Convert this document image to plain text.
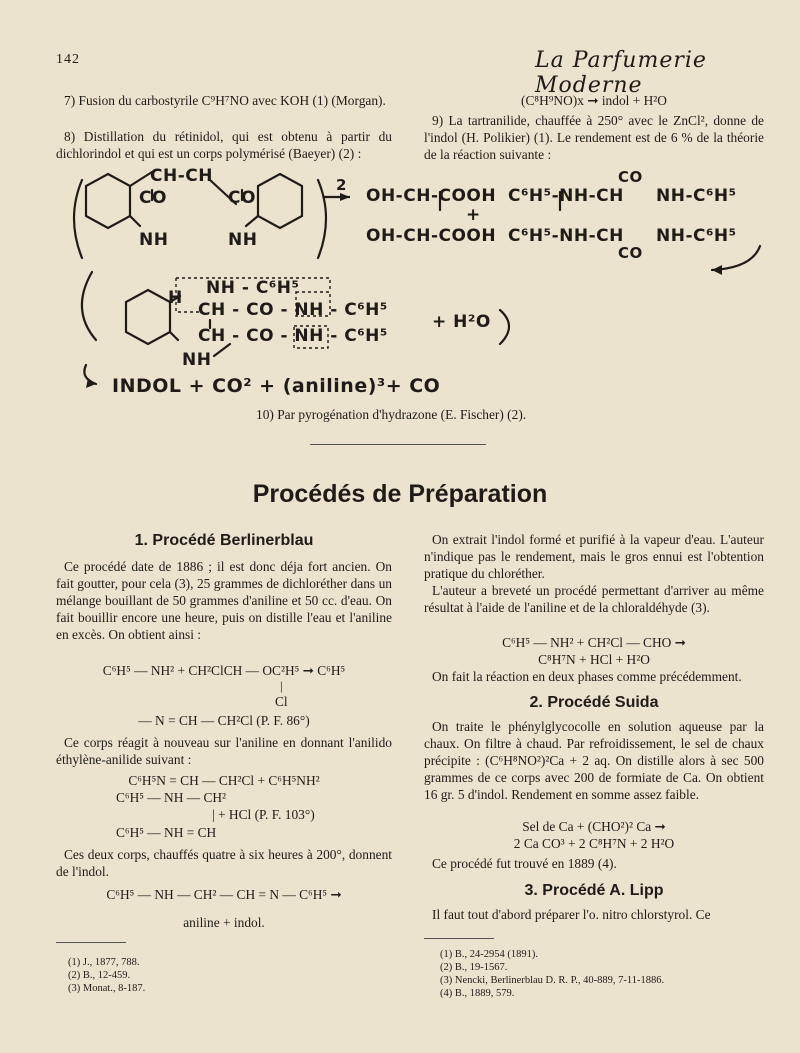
142	La Parfumerie Moderne
7) Fusion du carbostyrile C⁹H⁷NO avec KOH (1) (Morgan).
8) Distillation du rétinidol, qui est obtenu à partir du dichlorindol et qui est un corps polymérisé (Baeyer) (2) :
(C⁸H⁹NO)x ➞ indol + H²O
9) La tartranilide, chauffée à 250° avec le ZnCl², donne de l'indol (H. Polikier) (1). Le rendement est de 6 % de la théorie de la réaction suivante :
CH-CH
CO	CO
NH	NH
2
OH-CH-COOH
OH-CH-COOH
+
C⁶H⁵-NH-CH
CO
NH-C⁶H⁵
C⁶H⁵-NH-CH
CO
NH-C⁶H⁵
NH - C⁶H⁵
H
CH - CO - NH - C⁶H⁵
CH - CO - NH - C⁶H⁵
NH
+ H²O
INDOL + CO² + (aniline)³+ CO
10) Par pyrogénation d'hydrazone (E. Fischer) (2).
Procédés de Préparation
1. Procédé Berlinerblau
Ce procédé date de 1886 ; il est donc déja fort ancien. On fait goutter, pour cela (3), 25 grammes de dichloréther dans un mélange bouillant de 50 grammes d'aniline et 50 cc. d'eau. On fait bouillir encore une heure, puis on distille l'eau et l'aniline en excès. On obtient ainsi :
C⁶H⁵ — NH² + CH²ClCH — OC²H⁵ ➞ C⁶H⁵
|
Cl
— N = CH — CH²Cl (P. F. 86°)
Ce corps réagit à nouveau sur l'aniline en donnant l'anilido éthylène-anilide suivant :
C⁶H⁵N = CH — CH²Cl + C⁶H⁵NH²
C⁶H⁵ — NH — CH²
| + HCl (P. F. 103°)
C⁶H⁵ — NH = CH
Ces deux corps, chauffés quatre à six heures à 200°, donnent de l'indol.
C⁶H⁵ — NH — CH² — CH = N — C⁶H⁵ ➞
aniline + indol.
(1) J., 1877, 788.
(2) B., 12-459.
(3) Monat., 8-187.
On extrait l'indol formé et purifié à la vapeur d'eau. L'auteur n'indique pas le rendement, mais le gros ennui est l'obtention pratique du chloréther.
L'auteur a breveté un procédé permettant d'arriver au même résultat à l'aide de l'aniline et de la chloraldéhyde (3).
C⁶H⁵ — NH² + CH²Cl — CHO ➞
C⁸H⁷N + HCl + H²O
On fait la réaction en deux phases comme précédemment.
2. Procédé Suida
On traite le phénylglycocolle en solution aqueuse par la chaux. On filtre à chaud. Par refroidissement, le sel de chaux précipite : (C⁶H⁸NO²)²Ca + 2 aq. On distille alors à sec 500 grammes de ce corps avec 200 de formiate de Ca. On obtient 16 gr. 5 d'indol. Rendement en somme assez faible.
Sel de Ca + (CHO²)² Ca ➞
2 Ca CO³ + 2 C⁸H⁷N + 2 H²O
Ce procédé fut trouvé en 1889 (4).
3. Procédé A. Lipp
Il faut tout d'abord préparer l'o. nitro chlorstyrol. Ce
(1) B., 24-2954 (1891).
(2) B., 19-1567.
(3) Nencki, Berlinerblau D. R. P., 40-889, 7-11-1886.
(4) B., 1889, 579.
